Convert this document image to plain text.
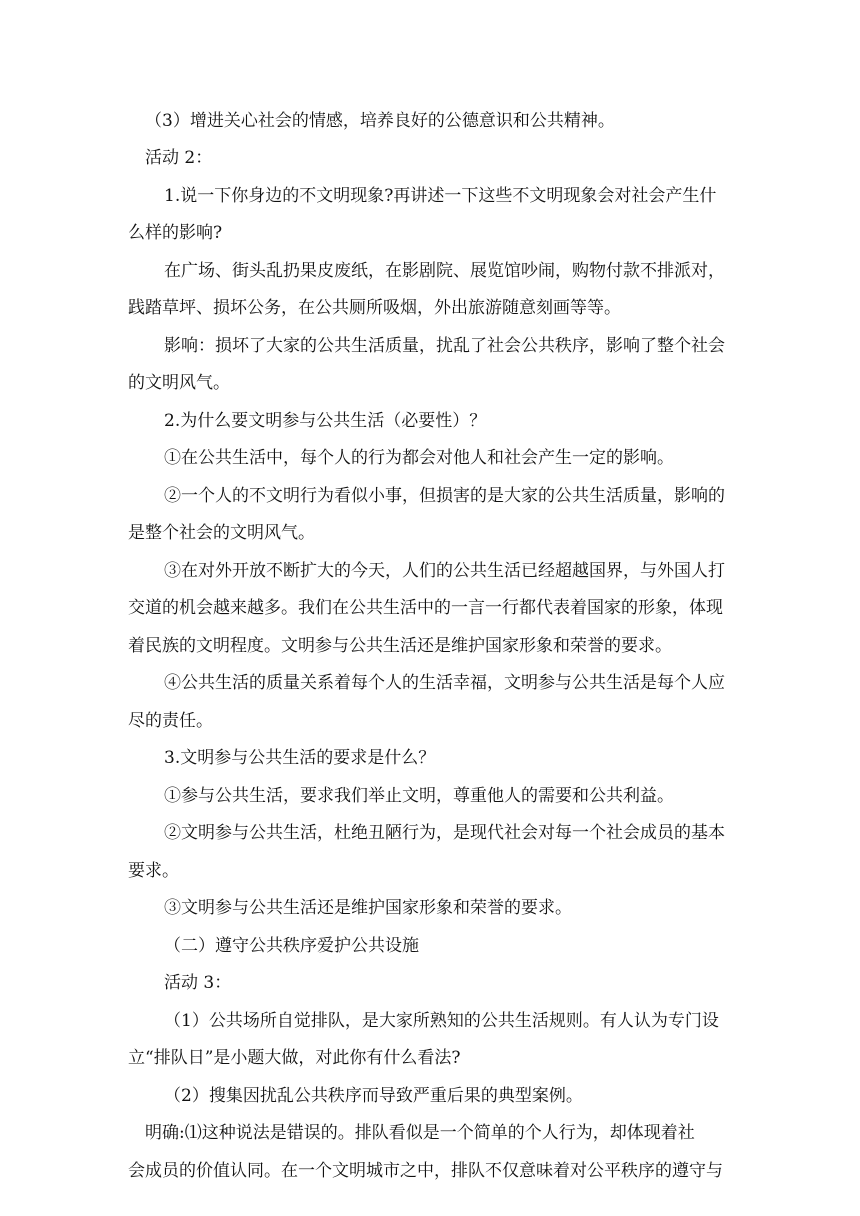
（3）增进关心社会的情感，培养良好的公德意识和公共精神。
活动 2：
1.说一下你身边的不文明现象?再讲述一下这些不文明现象会对社会产生什
么样的影响?
在广场、街头乱扔果皮废纸，在影剧院、展览馆吵闹，购物付款不排派对，
践踏草坪、损坏公务，在公共厕所吸烟，外出旅游随意刻画等等。
影响：损坏了大家的公共生活质量，扰乱了社会公共秩序，影响了整个社会
的文明风气。
2.为什么要文明参与公共生活（必要性）？
①在公共生活中，每个人的行为都会对他人和社会产生一定的影响。
②一个人的不文明行为看似小事，但损害的是大家的公共生活质量，影响的
是整个社会的文明风气。
③在对外开放不断扩大的今天，人们的公共生活已经超越国界，与外国人打
交道的机会越来越多。我们在公共生活中的一言一行都代表着国家的形象，体现
着民族的文明程度。文明参与公共生活还是维护国家形象和荣誉的要求。
④公共生活的质量关系着每个人的生活幸福，文明参与公共生活是每个人应
尽的责任。
3.文明参与公共生活的要求是什么？
①参与公共生活，要求我们举止文明，尊重他人的需要和公共利益。
②文明参与公共生活，杜绝丑陋行为，是现代社会对每一个社会成员的基本
要求。
③文明参与公共生活还是维护国家形象和荣誉的要求。
（二）遵守公共秩序爱护公共设施
活动 3：
（1）公共场所自觉排队，是大家所熟知的公共生活规则。有人认为专门设
立“排队日”是小题大做，对此你有什么看法?
（2）搜集因扰乱公共秩序而导致严重后果的典型案例。
明确:⑴这种说法是错误的。排队看似是一个简单的个人行为，却体现着社
会成员的价值认同。在一个文明城市之中，排队不仅意味着对公平秩序的遵守与
